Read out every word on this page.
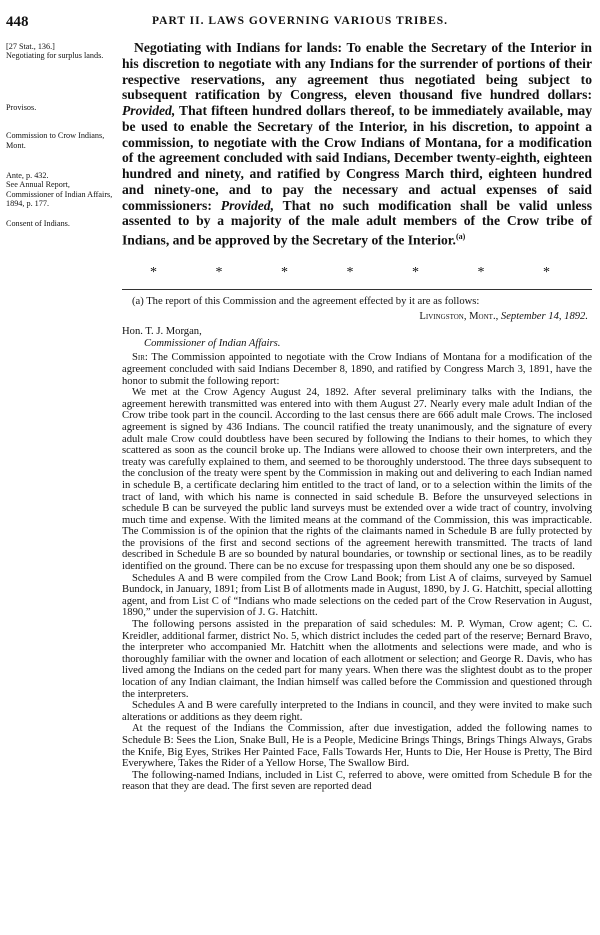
448	PART II. LAWS GOVERNING VARIOUS TRIBES.
[27 Stat., 136.]
Negotiating for surplus lands.
Provisos.
Commission to Crow Indians, Mont.
Ante, p. 432.
See Annual Report, Commissioner of Indian Affairs, 1894, p. 177.
Consent of Indians.

Negotiating with Indians for lands: To enable the Secretary of the Interior in his discretion to negotiate with any Indians for the surrender of portions of their respective reservations, any agreement thus negotiated being subject to subsequent ratification by Congress, eleven thousand five hundred dollars: Provided, That fifteen hundred dollars thereof, to be immediately available, may be used to enable the Secretary of the Interior, in his discretion, to appoint a commission, to negotiate with the Crow Indians of Montana, for a modification of the agreement concluded with said Indians, December twenty-eighth, eighteen hundred and ninety, and ratified by Congress March third, eighteen hundred and ninety-one, and to pay the necessary and actual expenses of said commissioners: Provided, That no such modification shall be valid unless assented to by a majority of the male adult members of the Crow tribe of Indians, and be approved by the Secretary of the Interior.$^{(a)}$

*	*	*	*	*	*	*

(a) The report of this Commission and the agreement effected by it are as follows:

Livingston, Mont., September 14, 1892.

Hon. T. J. Morgan,

Commissioner of Indian Affairs.

Sir: The Commission appointed to negotiate with the Crow Indians of Montana for a modification of the agreement concluded with said Indians December 8, 1890, and ratified by Congress March 3, 1891, have the honor to submit the following report:

We met at the Crow Agency August 24, 1892. After several preliminary talks with the Indians, the agreement herewith transmitted was entered into with them August 27. Nearly every male adult Indian of the Crow tribe took part in the council. According to the last census there are 666 adult male Crows. The inclosed agreement is signed by 436 Indians. The council ratified the treaty unanimously, and the signature of every adult male Crow could doubtless have been secured by following the Indians to their homes, to which they scattered as soon as the council broke up. The Indians were allowed to choose their own interpreters, and the treaty was carefully explained to them, and seemed to be thoroughly understood. The three days subsequent to the conclusion of the treaty were spent by the Commission in making out and delivering to each Indian named in schedule B, a certificate declaring him entitled to the tract of land, or to a selection within the limits of the tract of land, with which his name is connected in said schedule B. Before the unsurveyed selections in schedule B can be surveyed the public land surveys must be extended over a wide tract of country, involving much time and expense. With the limited means at the command of the Commission, this was impracticable. The Commission is of the opinion that the rights of the claimants named in Schedule B are fully protected by the provisions of the first and second sections of the agreement herewith transmitted. The tracts of land described in Schedule B are so bounded by natural boundaries, or township or sectional lines, as to be readily identified on the ground. There can be no excuse for trespassing upon them should any one be so disposed.

Schedules A and B were compiled from the Crow Land Book; from List A of claims, surveyed by Samuel Bundock, in January, 1891; from List B of allotments made in August, 1890, by J. G. Hatchitt, special allotting agent, and from List C of “Indians who made selections on the ceded part of the Crow Reservation in August, 1890,” under the supervision of J. G. Hatchitt.

The following persons assisted in the preparation of said schedules: M. P. Wyman, Crow agent; C. C. Kreidler, additional farmer, district No. 5, which district includes the ceded part of the reserve; Bernard Bravo, the interpreter who accompanied Mr. Hatchitt when the allotments and selections were made, and who is thoroughly familiar with the owner and location of each allotment or selection; and George R. Davis, who has lived among the Indians on the ceded part for many years. When there was the slightest doubt as to the proper location of any Indian claimant, the Indian himself was called before the Commission and questioned through the interpreters.

Schedules A and B were carefully interpreted to the Indians in council, and they were invited to make such alterations or additions as they deem right.

At the request of the Indians the Commission, after due investigation, added the following names to Schedule B: Sees the Lion, Snake Bull, He is a People, Medicine Brings Things, Brings Things Always, Grabs the Knife, Big Eyes, Strikes Her Painted Face, Falls Towards Her, Hunts to Die, Her House is Pretty, The Bird Everywhere, Takes the Rider of a Yellow Horse, The Swallow Bird.

The following-named Indians, included in List C, referred to above, were omitted from Schedule B for the reason that they are dead. The first seven are reported dead
